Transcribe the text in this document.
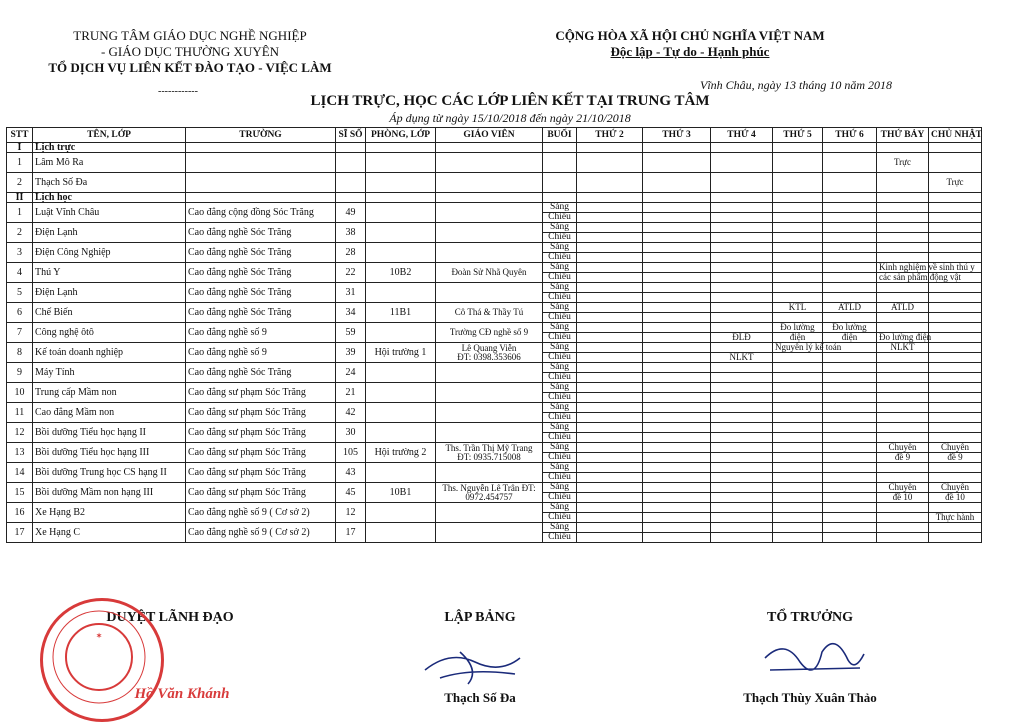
TRUNG TÂM GIÁO DỤC NGHỀ NGHIỆP
- GIÁO DỤC THƯỜNG XUYÊN
TỔ DỊCH VỤ LIÊN KẾT ĐÀO TẠO - VIỆC LÀM
------------
CỘNG HÒA XÃ HỘI CHỦ NGHĨA VIỆT NAM
Độc lập - Tự do - Hạnh phúc
Vĩnh Châu, ngày 13 tháng 10 năm 2018
LỊCH TRỰC, HỌC CÁC LỚP LIÊN KẾT TẠI TRUNG TÂM
Áp dụng từ ngày 15/10/2018 đến ngày 21/10/2018
STT	TÊN, LỚP	TRƯỜNG	SĨ SỐ	PHÒNG, LỚP	GIÁO VIÊN	BUỔI	THỨ 2	THỨ 3	THỨ 4	THỨ 5	THỨ 6	THỨ BẢY	CHỦ NHẬT
I	Lịch trực												
1	Lâm Mô Ra											Trực	
2	Thạch Số Đa												Trực
II	Lịch học												
1	Luật Vĩnh Châu	Cao đẳng cộng đồng Sóc Trăng	49			Sáng							
						Chiều							
2	Điện Lạnh	Cao đẳng nghề Sóc Trăng	38			Sáng							
						Chiều							
3	Điện Công Nghiệp	Cao đẳng nghề Sóc Trăng	28			Sáng							
						Chiều							
4	Thú Y	Cao đẳng nghề Sóc Trăng	22	10B2	Đoàn Sử Nhã Quyên	Sáng						Kinh nghiệm về sinh thú y	
						Chiều						các sản phẩm động vật	
5	Điện Lạnh	Cao đẳng nghề Sóc Trăng	31			Sáng							
						Chiều							
6	Chế Biến	Cao đẳng nghề Sóc Trăng	34	11B1	Cô Thá & Thầy Tú	Sáng				KTL	ATLD	ATLD	
						Chiều							
7	Công nghệ ôtô	Cao đẳng nghề số 9	59		Trường CĐ nghề số 9	Sáng				Đo lường	Đo lường		
						Chiều			ĐLĐ	điện	điện	Đo lường điện	
8	Kế toán doanh nghiệp	Cao đẳng nghề số 9	39	Hội trường 1	Lê Quang Viễn
ĐT: 0398.353606	Sáng				Nguyên lý kế toán		NLKT	
						Chiều			NLKT				
9	Máy Tính	Cao đẳng nghề Sóc Trăng	24			Sáng							
						Chiều							
10	Trung cấp Mầm non	Cao đẳng sư phạm Sóc Trăng	21			Sáng							
						Chiều							
11	Cao đẳng Mầm non	Cao đẳng sư phạm Sóc Trăng	42			Sáng							
						Chiều							
12	Bồi dưỡng Tiểu học hạng II	Cao đẳng sư phạm Sóc Trăng	30			Sáng							
						Chiều							
13	Bồi dưỡng Tiểu học hạng III	Cao đẳng sư phạm Sóc Trăng	105	Hội trường 2	Ths. Trần Thị Mỹ Trang
ĐT: 0935.715008	Sáng						Chuyên	Chuyên
						Chiều						đề 9	đề 9
14	Bồi dưỡng Trung học CS hạng II	Cao đẳng sư phạm Sóc Trăng	43			Sáng							
						Chiều							
15	Bồi dưỡng Mầm non hạng III	Cao đẳng sư phạm Sóc Trăng	45	10B1	Ths. Nguyễn Lê Trân ĐT:
0972.454757	Sáng						Chuyên	Chuyên
						Chiều						đề 10	đề 10
16	Xe Hạng B2	Cao đẳng nghề số 9 ( Cơ sở 2)	12			Sáng							
						Chiều							Thực hành
17	Xe Hạng C	Cao đẳng nghề số 9 ( Cơ sở 2)	17			Sáng							
						Chiều							
DUYỆT LÃNH ĐẠO	LẬP BẢNG	TỔ TRƯỞNG
✶
Hồ Văn Khánh	Thạch Số Đa	Thạch Thùy Xuân Thảo
